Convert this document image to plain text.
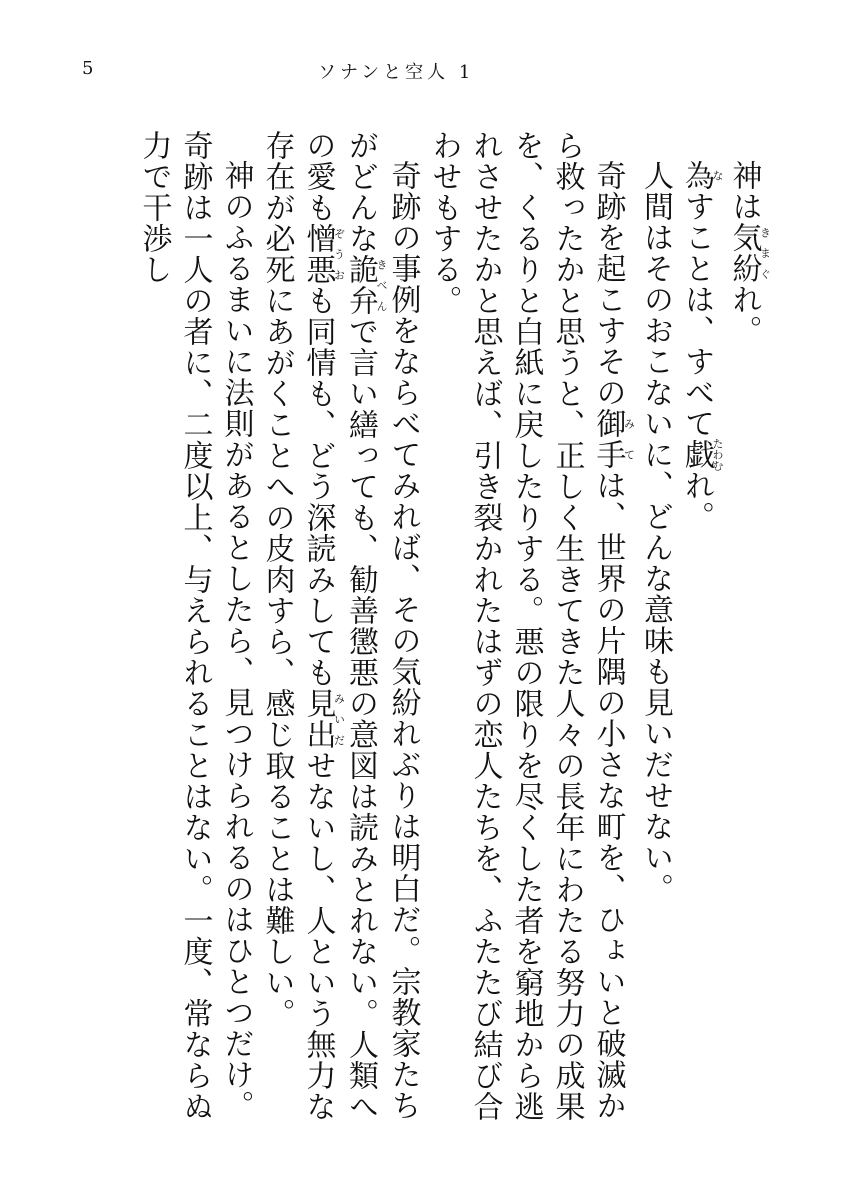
5	ソナンと空人 1

神は気紛きまぐれ。

為なすことは、すべて戯たわむれ。

人間はそのおこないに、どんな意味も見いだせない。

奇跡を起こすその御手みては、世界の片隅の小さな町を、ひょいと破滅から救ったかと思うと、正しく生きてきた人々の長年にわたる努力の成果を、くるりと白紙に戻したりする。悪の限りを尽くした者を窮地から逃れさせたかと思えば、引き裂かれたはずの恋人たちを、ふたたび結び合わせもする。

奇跡の事例をならべてみれば、その気紛れぶりは明白だ。宗教家たちがどんな詭弁きべんで言い繕っても、勧善懲悪の意図は読みとれない。人類への愛も憎悪ぞうおも同情も、どう深読みしても見出みいだせないし、人という無力な存在が必死にあがくことへの皮肉すら、感じ取ることは難しい。

神のふるまいに法則があるとしたら、見つけられるのはひとつだけ。

奇跡は一人の者に、二度以上、与えられることはない。一度、常ならぬ力で干渉し
